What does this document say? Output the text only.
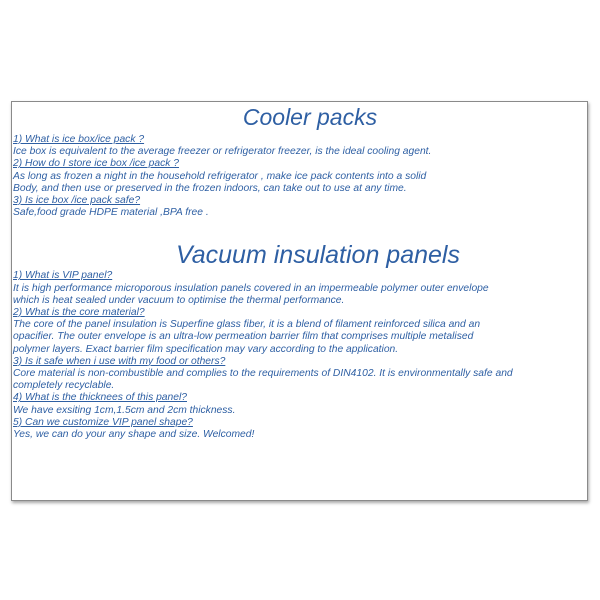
Cooler packs
1) What is ice box/ice pack ?
Ice box is equivalent to the average freezer or refrigerator freezer, is the ideal cooling agent.
2) How do I store ice box /ice pack ?
As long as frozen a night in the household refrigerator , make ice pack contents into a solid
Body, and then use or preserved in the frozen indoors, can take out to use at any time.
3) Is ice box /ice pack safe?
Safe,food grade HDPE material ,BPA free .
Vacuum insulation panels
1) What is VIP panel?
It is high performance microporous insulation panels covered in an impermeable polymer outer envelope
which is heat sealed under vacuum to optimise the thermal performance.
2) What is the core material?
The core of the panel insulation is Superfine glass fiber, it is a blend of filament reinforced silica and an
opacifier. The outer envelope is an ultra-low permeation barrier film that comprises multiple metalised
polymer layers. Exact barrier film specification may vary according to the application.
3) Is it safe when i use with my food or others?
Core material is non-combustible and complies to the requirements of DIN4102. It is environmentally safe and
completely recyclable.
4) What is the thicknees of this panel?
We have exsiting 1cm,1.5cm and 2cm thickness.
5) Can we customize VIP panel shape?
Yes, we can do your any shape and size. Welcomed!
